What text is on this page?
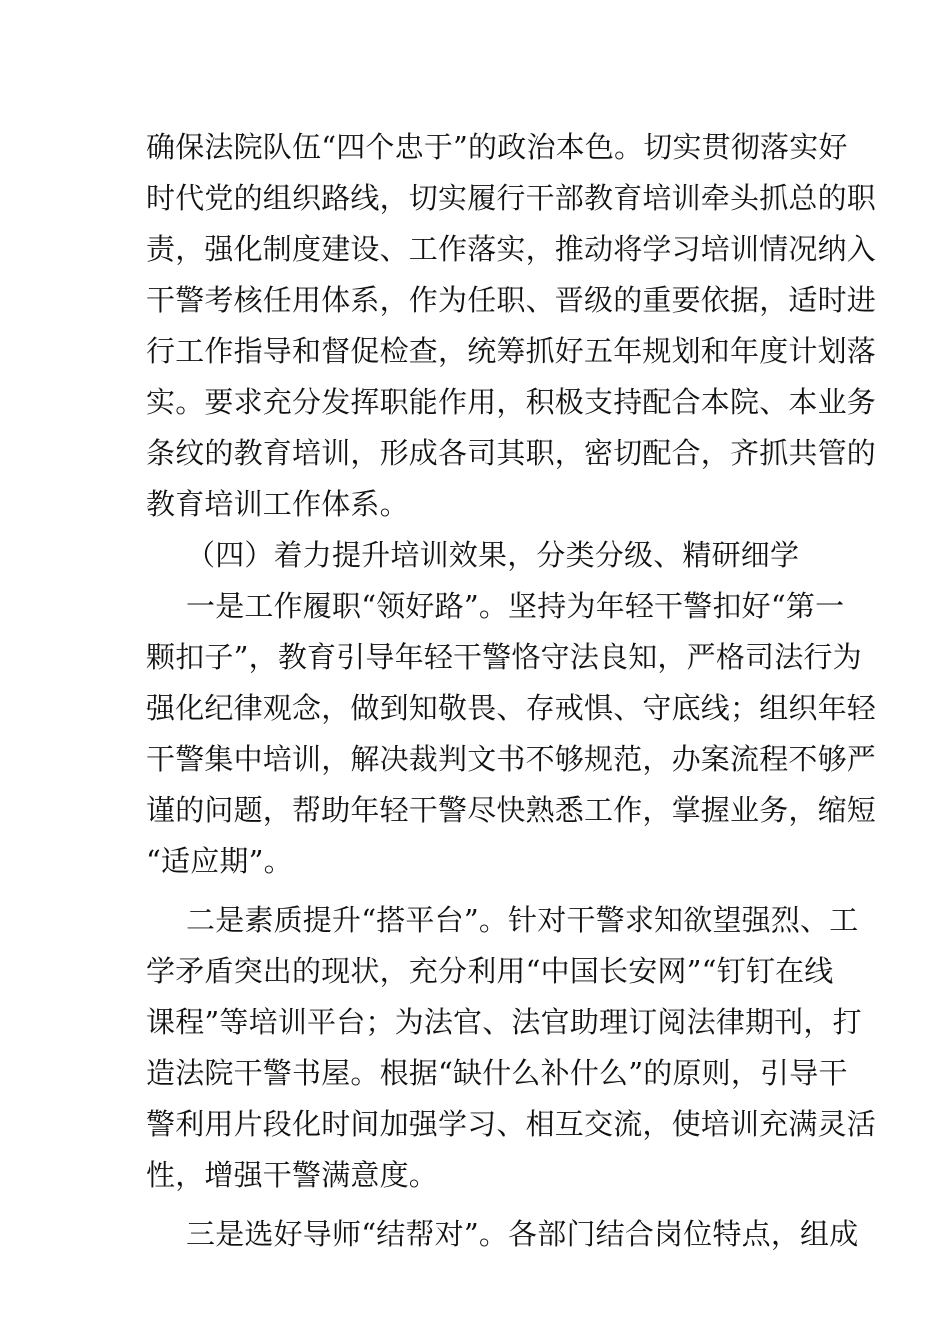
确保法院队伍“四个忠于”的政治本色。切实贯彻落实好
时代党的组织路线，切实履行干部教育培训牵头抓总的职
责，强化制度建设、工作落实，推动将学习培训情况纳入
干警考核任用体系，作为任职、晋级的重要依据，适时进
行工作指导和督促检查，统筹抓好五年规划和年度计划落
实。要求充分发挥职能作用，积极支持配合本院、本业务
条纹的教育培训，形成各司其职，密切配合，齐抓共管的
教育培训工作体系。
（四）着力提升培训效果，分类分级、精研细学
一是工作履职“领好路”。坚持为年轻干警扣好“第一
颗扣子”，教育引导年轻干警恪守法良知，严格司法行为
强化纪律观念，做到知敬畏、存戒惧、守底线；组织年轻
干警集中培训，解决裁判文书不够规范，办案流程不够严
谨的问题，帮助年轻干警尽快熟悉工作，掌握业务，缩短
“适应期”。
二是素质提升“搭平台”。针对干警求知欲望强烈、工
学矛盾突出的现状，充分利用“中国长安网”“钉钉在线
课程”等培训平台；为法官、法官助理订阅法律期刊，打
造法院干警书屋。根据“缺什么补什么”的原则，引导干
警利用片段化时间加强学习、相互交流，使培训充满灵活
性，增强干警满意度。
三是选好导师“结帮对”。各部门结合岗位特点，组成
